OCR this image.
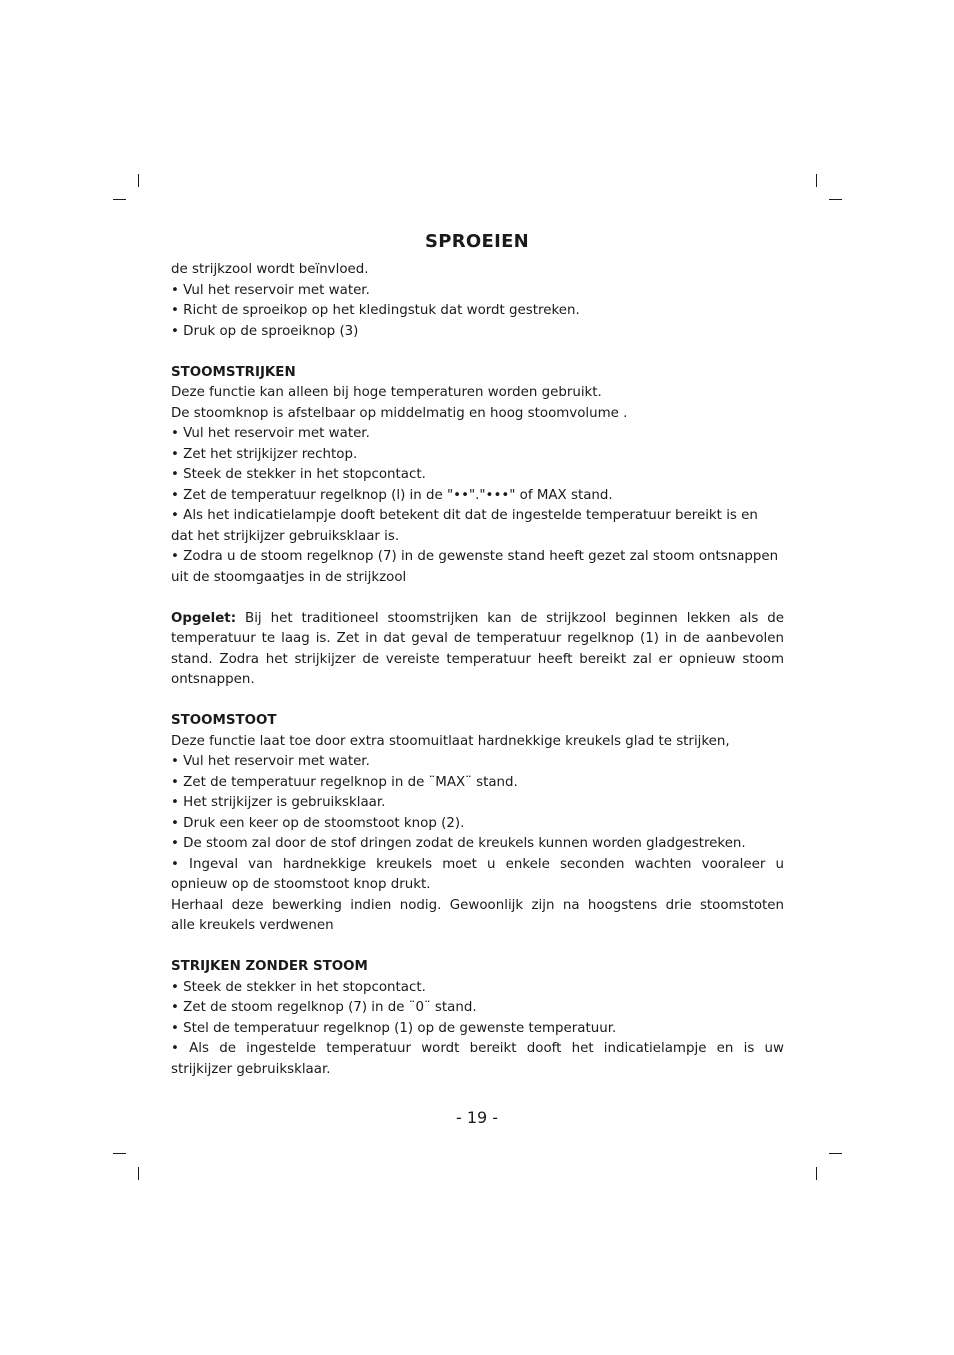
SPROEIEN
de strijkzool wordt beïnvloed.
• Vul het reservoir met water.
• Richt de sproeikop op het kledingstuk dat wordt gestreken.
• Druk op de sproeiknop (3)
STOOMSTRIJKEN
Deze functie kan alleen bij hoge temperaturen worden gebruikt.
De stoomknop is afstelbaar op middelmatig en hoog stoomvolume .
• Vul het reservoir met water.
• Zet het strijkijzer rechtop.
• Steek de stekker in het stopcontact.
• Zet de temperatuur regelknop (l) in de "••"."•••" of MAX stand.
• Als het indicatielampje dooft betekent dit dat de ingestelde temperatuur bereikt is en
dat het strijkijzer gebruiksklaar is.
• Zodra u de stoom regelknop (7) in de gewenste stand heeft gezet zal stoom ontsnappen
uit de stoomgaatjes in de strijkzool
Opgelet: Bij het traditioneel stoomstrijken kan de strijkzool beginnen lekken als de
temperatuur te laag is. Zet in dat geval de temperatuur regelknop (1) in de aanbevolen
stand. Zodra het strijkijzer de vereiste temperatuur heeft bereikt zal er opnieuw stoom
ontsnappen.
STOOMSTOOT
Deze functie laat toe door extra stoomuitlaat hardnekkige kreukels glad te strijken,
• Vul het reservoir met water.
• Zet de temperatuur regelknop in de ¨MAX¨ stand.
• Het strijkijzer is gebruiksklaar.
• Druk een keer op de stoomstoot knop (2).
• De stoom zal door de stof dringen zodat de kreukels kunnen worden gladgestreken.
• Ingeval van hardnekkige kreukels moet u enkele seconden wachten vooraleer u
opnieuw op de stoomstoot knop drukt.
Herhaal deze bewerking indien nodig. Gewoonlijk zijn na hoogstens drie stoomstoten
alle kreukels verdwenen
STRIJKEN ZONDER STOOM
• Steek de stekker in het stopcontact.
• Zet de stoom regelknop (7) in de ¨0¨ stand.
• Stel de temperatuur regelknop (1) op de gewenste temperatuur.
• Als de ingestelde temperatuur wordt bereikt dooft het indicatielampje en is uw
strijkijzer gebruiksklaar.
- 19 -
